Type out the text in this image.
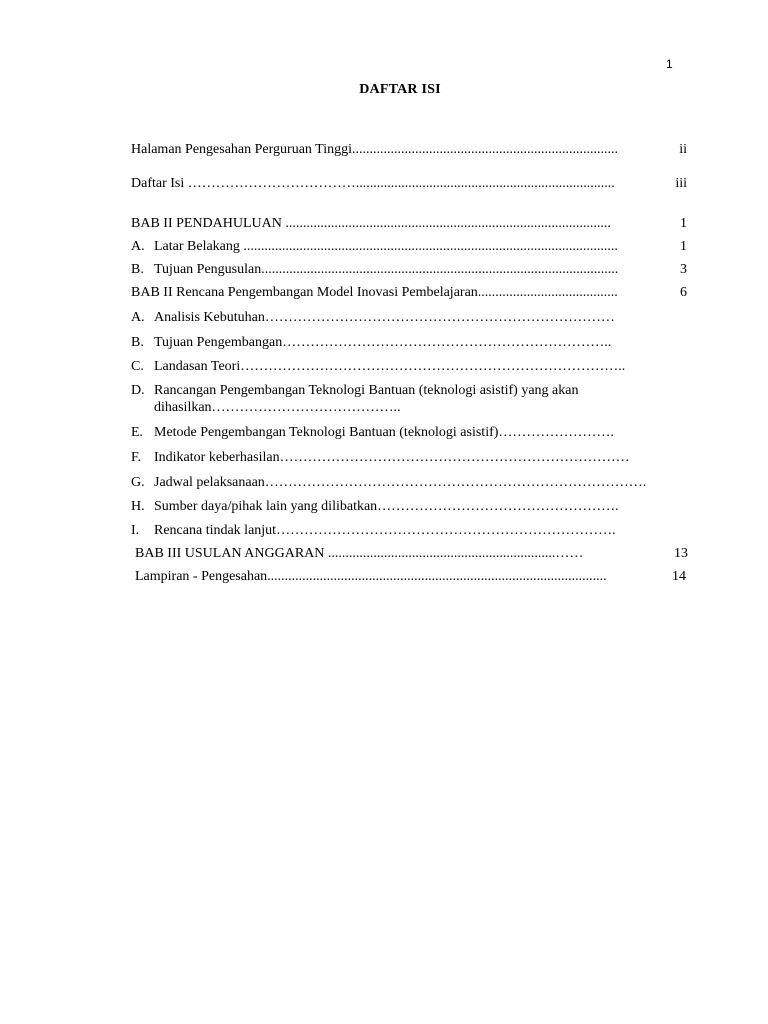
1
DAFTAR ISI
Halaman Pengesahan Perguruan Tinggi............................................................................	ii
Daftar Isi ………………………………..........................................................................	iii
BAB II PENDAHULUAN .............................................................................................	1
A. Latar Belakang ...........................................................................................................	1
B. Tujuan Pengusulan......................................................................................................	3
BAB II Rencana Pengembangan Model Inovasi Pembelajaran........................................	6
A. Analisis Kebutuhan…………………………………………………………………
B. Tujuan Pengembangan……………………………………………………………..
C. Landasan Teori………………………………………………………………………..
D. Rancangan Pengembangan Teknologi Bantuan (teknologi asistif) yang akan dihasilkan…………………………………..
E. Metode Pengembangan Teknologi Bantuan (teknologi asistif)…………………….
F. Indikator keberhasilan…………………………………………………………………
G. Jadwal pelaksanaan……………………………………………………………………….
H. Sumber daya/pihak lain yang dilibatkan…………………………………………….
I. Rencana tindak lanjut……………………………………………………………….
BAB III USULAN ANGGARAN .................................................................……	13
Lampiran - Pengesahan.................................................................................................	14
